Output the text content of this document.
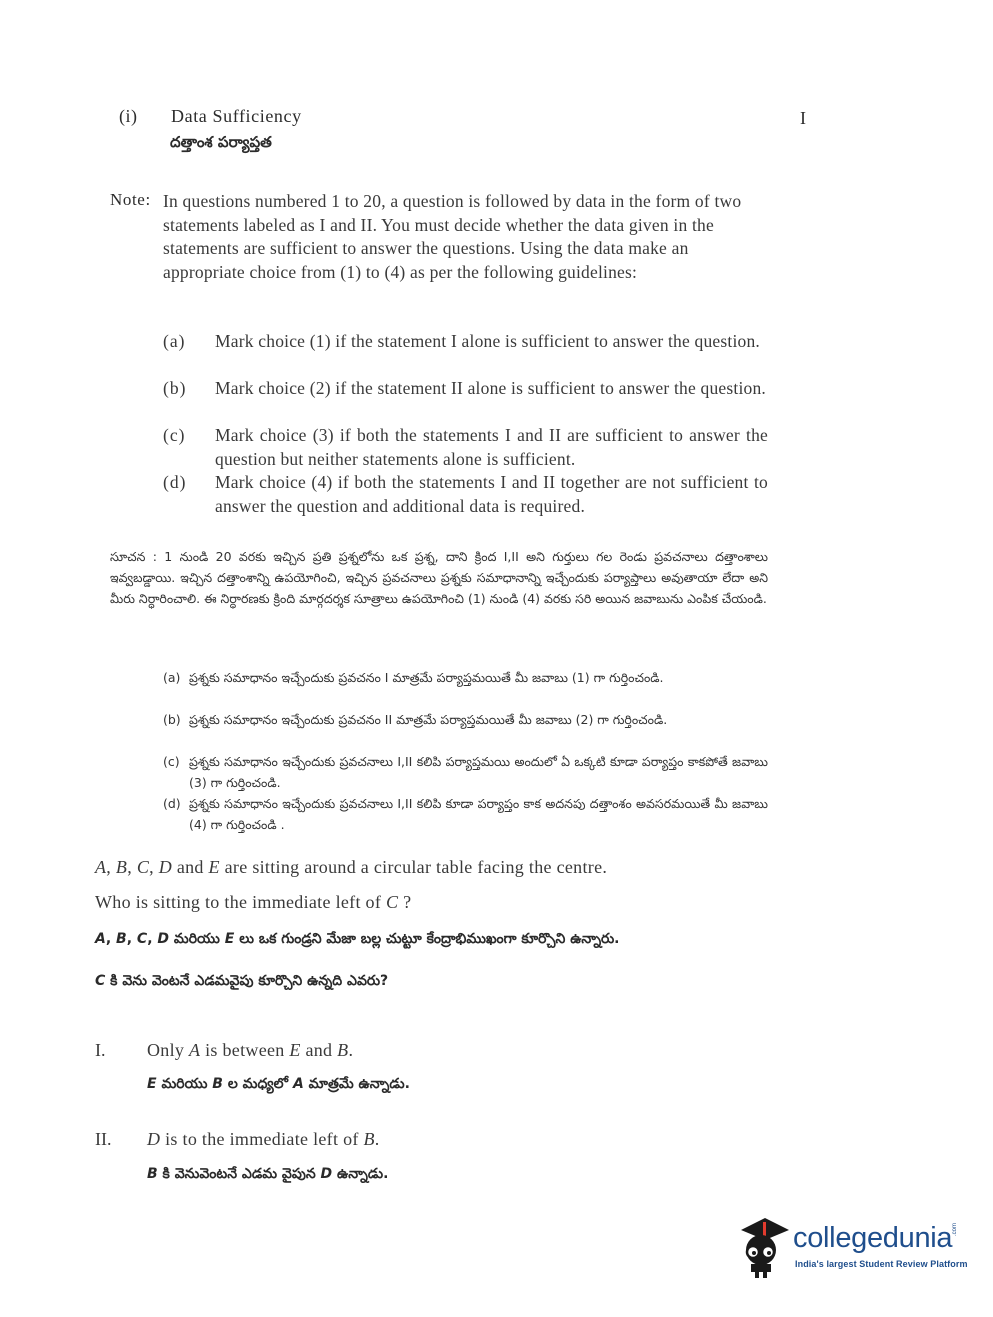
(i) Data Sufficiency
దత్తాంశ పర్యాప్తత
I
Note: In questions numbered 1 to 20, a question is followed by data in the form of two statements labeled as I and II. You must decide whether the data given in the statements are sufficient to answer the questions. Using the data make an appropriate choice from (1) to (4) as per the following guidelines:
(a)	Mark choice (1) if the statement I alone is sufficient to answer the question.
(b)	Mark choice (2) if the statement II alone is sufficient to answer the question.
(c)	Mark choice (3) if both the statements I and II are sufficient to answer the question but neither statements alone is sufficient.
(d)	Mark choice (4) if both the statements I and II together are not sufficient to answer the question and additional data is required.
సూచన : 1 నుండి 20 వరకు ఇచ్చిన ప్రతి ప్రశ్నలోను ఒక ప్రశ్న, దాని క్రింద I,II అని గుర్తులు గల రెండు ప్రవచనాలు దత్తాంశాలు ఇవ్వబడ్డాయి. ఇచ్చిన దత్తాంశాన్ని ఉపయోగించి, ఇచ్చిన ప్రవచనాలు ప్రశ్నకు సమాధానాన్ని ఇచ్చేందుకు పర్యాప్తాలు అవుతాయా లేదా అని మీరు నిర్ధారించాలి. ఈ నిర్ధారణకు క్రింది మార్గదర్శక సూత్రాలు ఉపయోగించి (1) నుండి (4) వరకు సరి అయిన జవాబును ఎంపిక చేయండి.
(a) ప్రశ్నకు సమాధానం ఇచ్చేందుకు ప్రవచనం I మాత్రమే పర్యాప్తమయితే మీ జవాబు (1) గా గుర్తించండి.
(b) ప్రశ్నకు సమాధానం ఇచ్చేందుకు ప్రవచనం II మాత్రమే పర్యాప్తమయితే మీ జవాబు (2) గా గుర్తించండి.
(c) ప్రశ్నకు సమాధానం ఇచ్చేందుకు ప్రవచనాలు I,II కలిపి పర్యాప్తమయి అందులో ఏ ఒక్కటి కూడా పర్యాప్తం కాకపోతే జవాబు (3) గా గుర్తించండి.
(d) ప్రశ్నకు సమాధానం ఇచ్చేందుకు ప్రవచనాలు I,II కలిపి కూడా పర్యాప్తం కాక అదనపు దత్తాంశం అవసరమయితే మీ జవాబు (4) గా గుర్తించండి .
A, B, C, D and E are sitting around a circular table facing the centre.
Who is sitting to the immediate left of C ?
A, B, C, D మరియు E లు ఒక గుండ్రని మేజా బల్ల చుట్టూ కేంద్రాభిముఖంగా కూర్చొని ఉన్నారు.
C కి వెను వెంటనే ఎడమవైపు కూర్చొని ఉన్నది ఎవరు?
I. Only A is between E and B.
E మరియు B ల మధ్యలో A మాత్రమే ఉన్నాడు.
II. D is to the immediate left of B.
B కి వెనువెంటనే ఎడమ వైపున D ఉన్నాడు.
collegedunia .com
India's largest Student Review Platform
